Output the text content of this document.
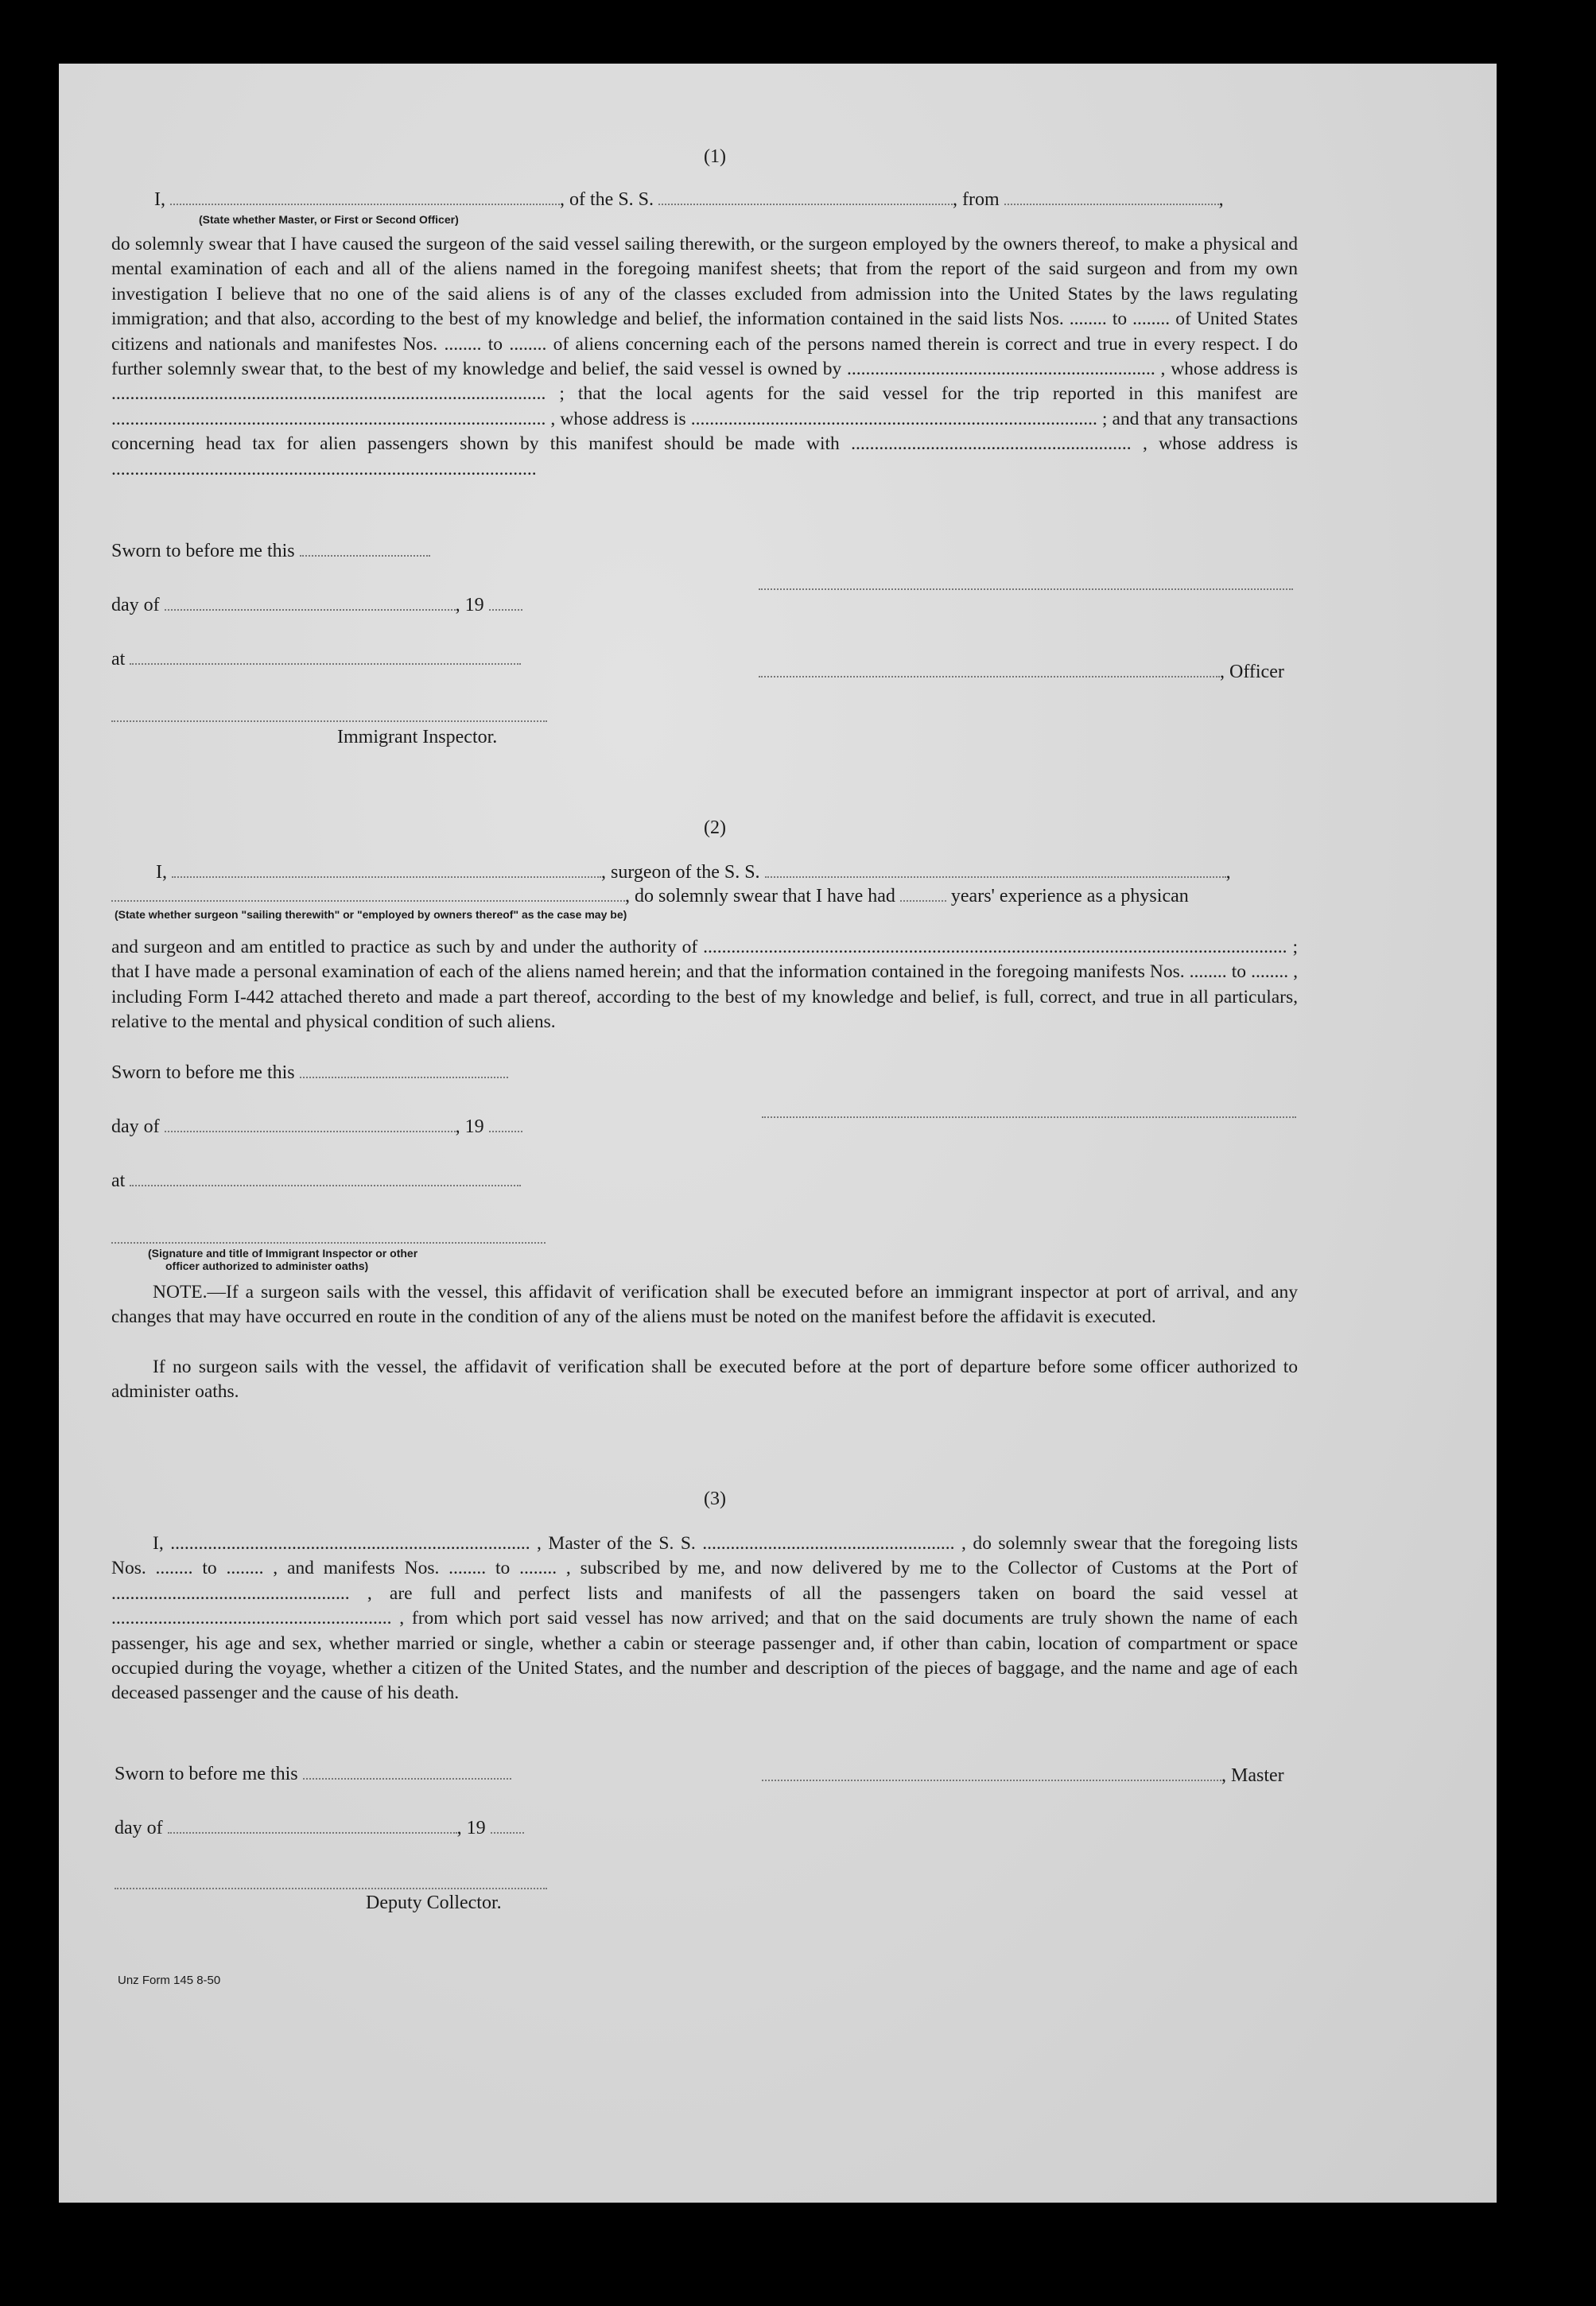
(1)
I,	, of the S. S.	, from	,
(State whether Master, or First or Second Officer)
do solemnly swear that I have caused the surgeon of the said vessel sailing therewith, or the surgeon employed by the owners thereof, to make a physical and mental examination of each and all of the aliens named in the foregoing manifest sheets; that from the report of the said surgeon and from my own investigation I believe that no one of the said aliens is of any of the classes excluded from admission into the United States by the laws regulating immigration; and that also, according to the best of my knowledge and belief, the information contained in the said lists Nos. ........ to ........ of United States citizens and nationals and manifestes Nos. ........ to ........ of aliens concerning each of the persons named therein is correct and true in every respect. I do further solemnly swear that, to the best of my knowledge and belief, the said vessel is owned by .................................................................. , whose address is ............................................................................................. ; that the local agents for the said vessel for the trip reported in this manifest are ............................................................................................. , whose address is ....................................................................................... ; and that any transactions concerning head tax for alien passengers shown by this manifest should be made with ............................................................ , whose address is ...........................................................................................
Sworn to before me this
day of	, 19
at
, Officer
Immigrant Inspector.
(2)
I,	, surgeon of the S. S.	,
, do solemnly swear that I have had	years' experience as a physican
(State whether surgeon "sailing therewith" or "employed by owners thereof" as the case may be)
and surgeon and am entitled to practice as such by and under the authority of ............................................................................................................................. ; that I have made a personal examination of each of the aliens named herein; and that the information contained in the foregoing manifests Nos. ........ to ........ , including Form I-442 attached thereto and made a part thereof, according to the best of my knowledge and belief, is full, correct, and true in all particulars, relative to the mental and physical condition of such aliens.
Sworn to before me this
day of	, 19
at
(Signature and title of Immigrant Inspector or other
officer authorized to administer oaths)
NOTE.—If a surgeon sails with the vessel, this affidavit of verification shall be executed before an immigrant inspector at port of arrival, and any changes that may have occurred en route in the condition of any of the aliens must be noted on the manifest before the affidavit is executed.
If no surgeon sails with the vessel, the affidavit of verification shall be executed before at the port of departure before some officer authorized to administer oaths.
(3)
I, ............................................................................. , Master of the S. S. ...................................................... , do solemnly swear that the foregoing lists Nos. ........ to ........ , and manifests Nos. ........ to ........ , subscribed by me, and now delivered by me to the Collector of Customs at the Port of ................................................... , are full and perfect lists and manifests of all the passengers taken on board the said vessel at ............................................................ , from which port said vessel has now arrived; and that on the said documents are truly shown the name of each passenger, his age and sex, whether married or single, whether a cabin or steerage passenger and, if other than cabin, location of compartment or space occupied during the voyage, whether a citizen of the United States, and the number and description of the pieces of baggage, and the name and age of each deceased passenger and the cause of his death.
Sworn to before me this	, Master
day of	, 19
Deputy Collector.
Unz Form 145 8-50
